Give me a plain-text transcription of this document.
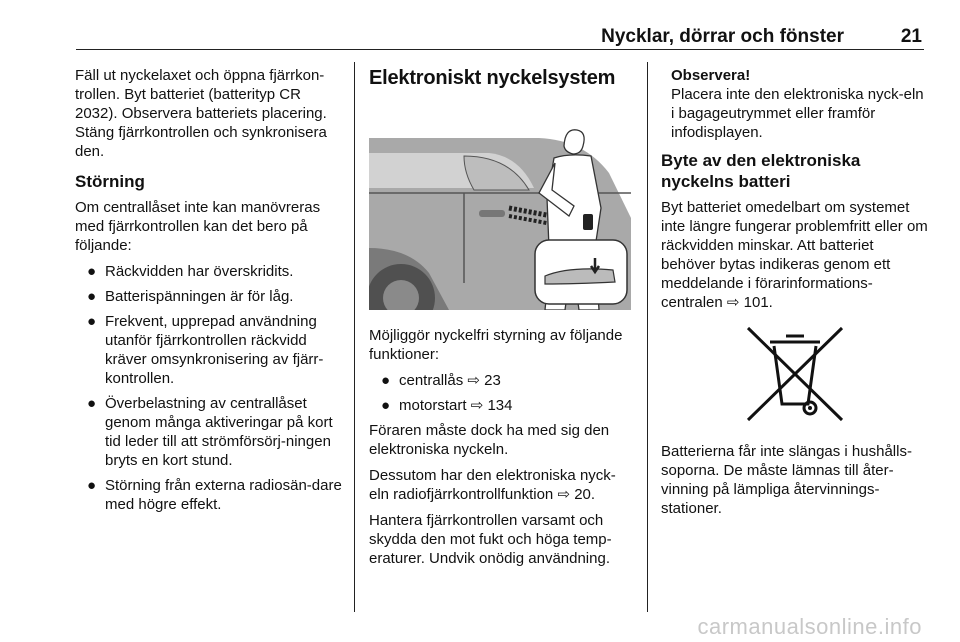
Nycklar, dörrar och fönster	21

Fäll ut nyckelaxet och öppna fjärrkon-trollen. Byt batteriet (batterityp CR 2032). Observera batteriets placering. Stäng fjärrkontrollen och synkronisera den.

Störning

Om centrallåset inte kan manövreras med fjärrkontrollen kan det bero på följande:

● Räckvidden har överskridits.
● Batterispänningen är för låg.
● Frekvent, upprepad användning utanför fjärrkontrollen räckvidd kräver omsynkronisering av fjärr-kontrollen.
● Överbelastning av centrallåset genom många aktiveringar på kort tid leder till att strömförsörj-ningen bryts en kort stund.
● Störning från externa radiosän-dare med högre effekt.
Elektroniskt nyckelsystem

Möjliggör nyckelfri styrning av följande funktioner:

● centrallås ⇨ 23
● motorstart ⇨ 134

Föraren måste dock ha med sig den elektroniska nyckeln.

Dessutom har den elektroniska nyck-eln radiofjärrkontrollfunktion ⇨ 20.

Hantera fjärrkontrollen varsamt och skydda den mot fukt och höga temp-eraturer. Undvik onödig användning.

Observera!
Placera inte den elektroniska nyck-eln i bagageutrymmet eller framför infodisplayen.
Byte av den elektroniska nyckelns batteri

Byt batteriet omedelbart om systemet inte längre fungerar problemfritt eller om räckvidden minskar. Att batteriet behöver bytas indikeras genom ett meddelande i förarinformations-centralen ⇨ 101.

Batterierna får inte slängas i hushålls-soporna. De måste lämnas till åter-vinning på lämpliga återvinnings-stationer.

carmanualsonline.info
